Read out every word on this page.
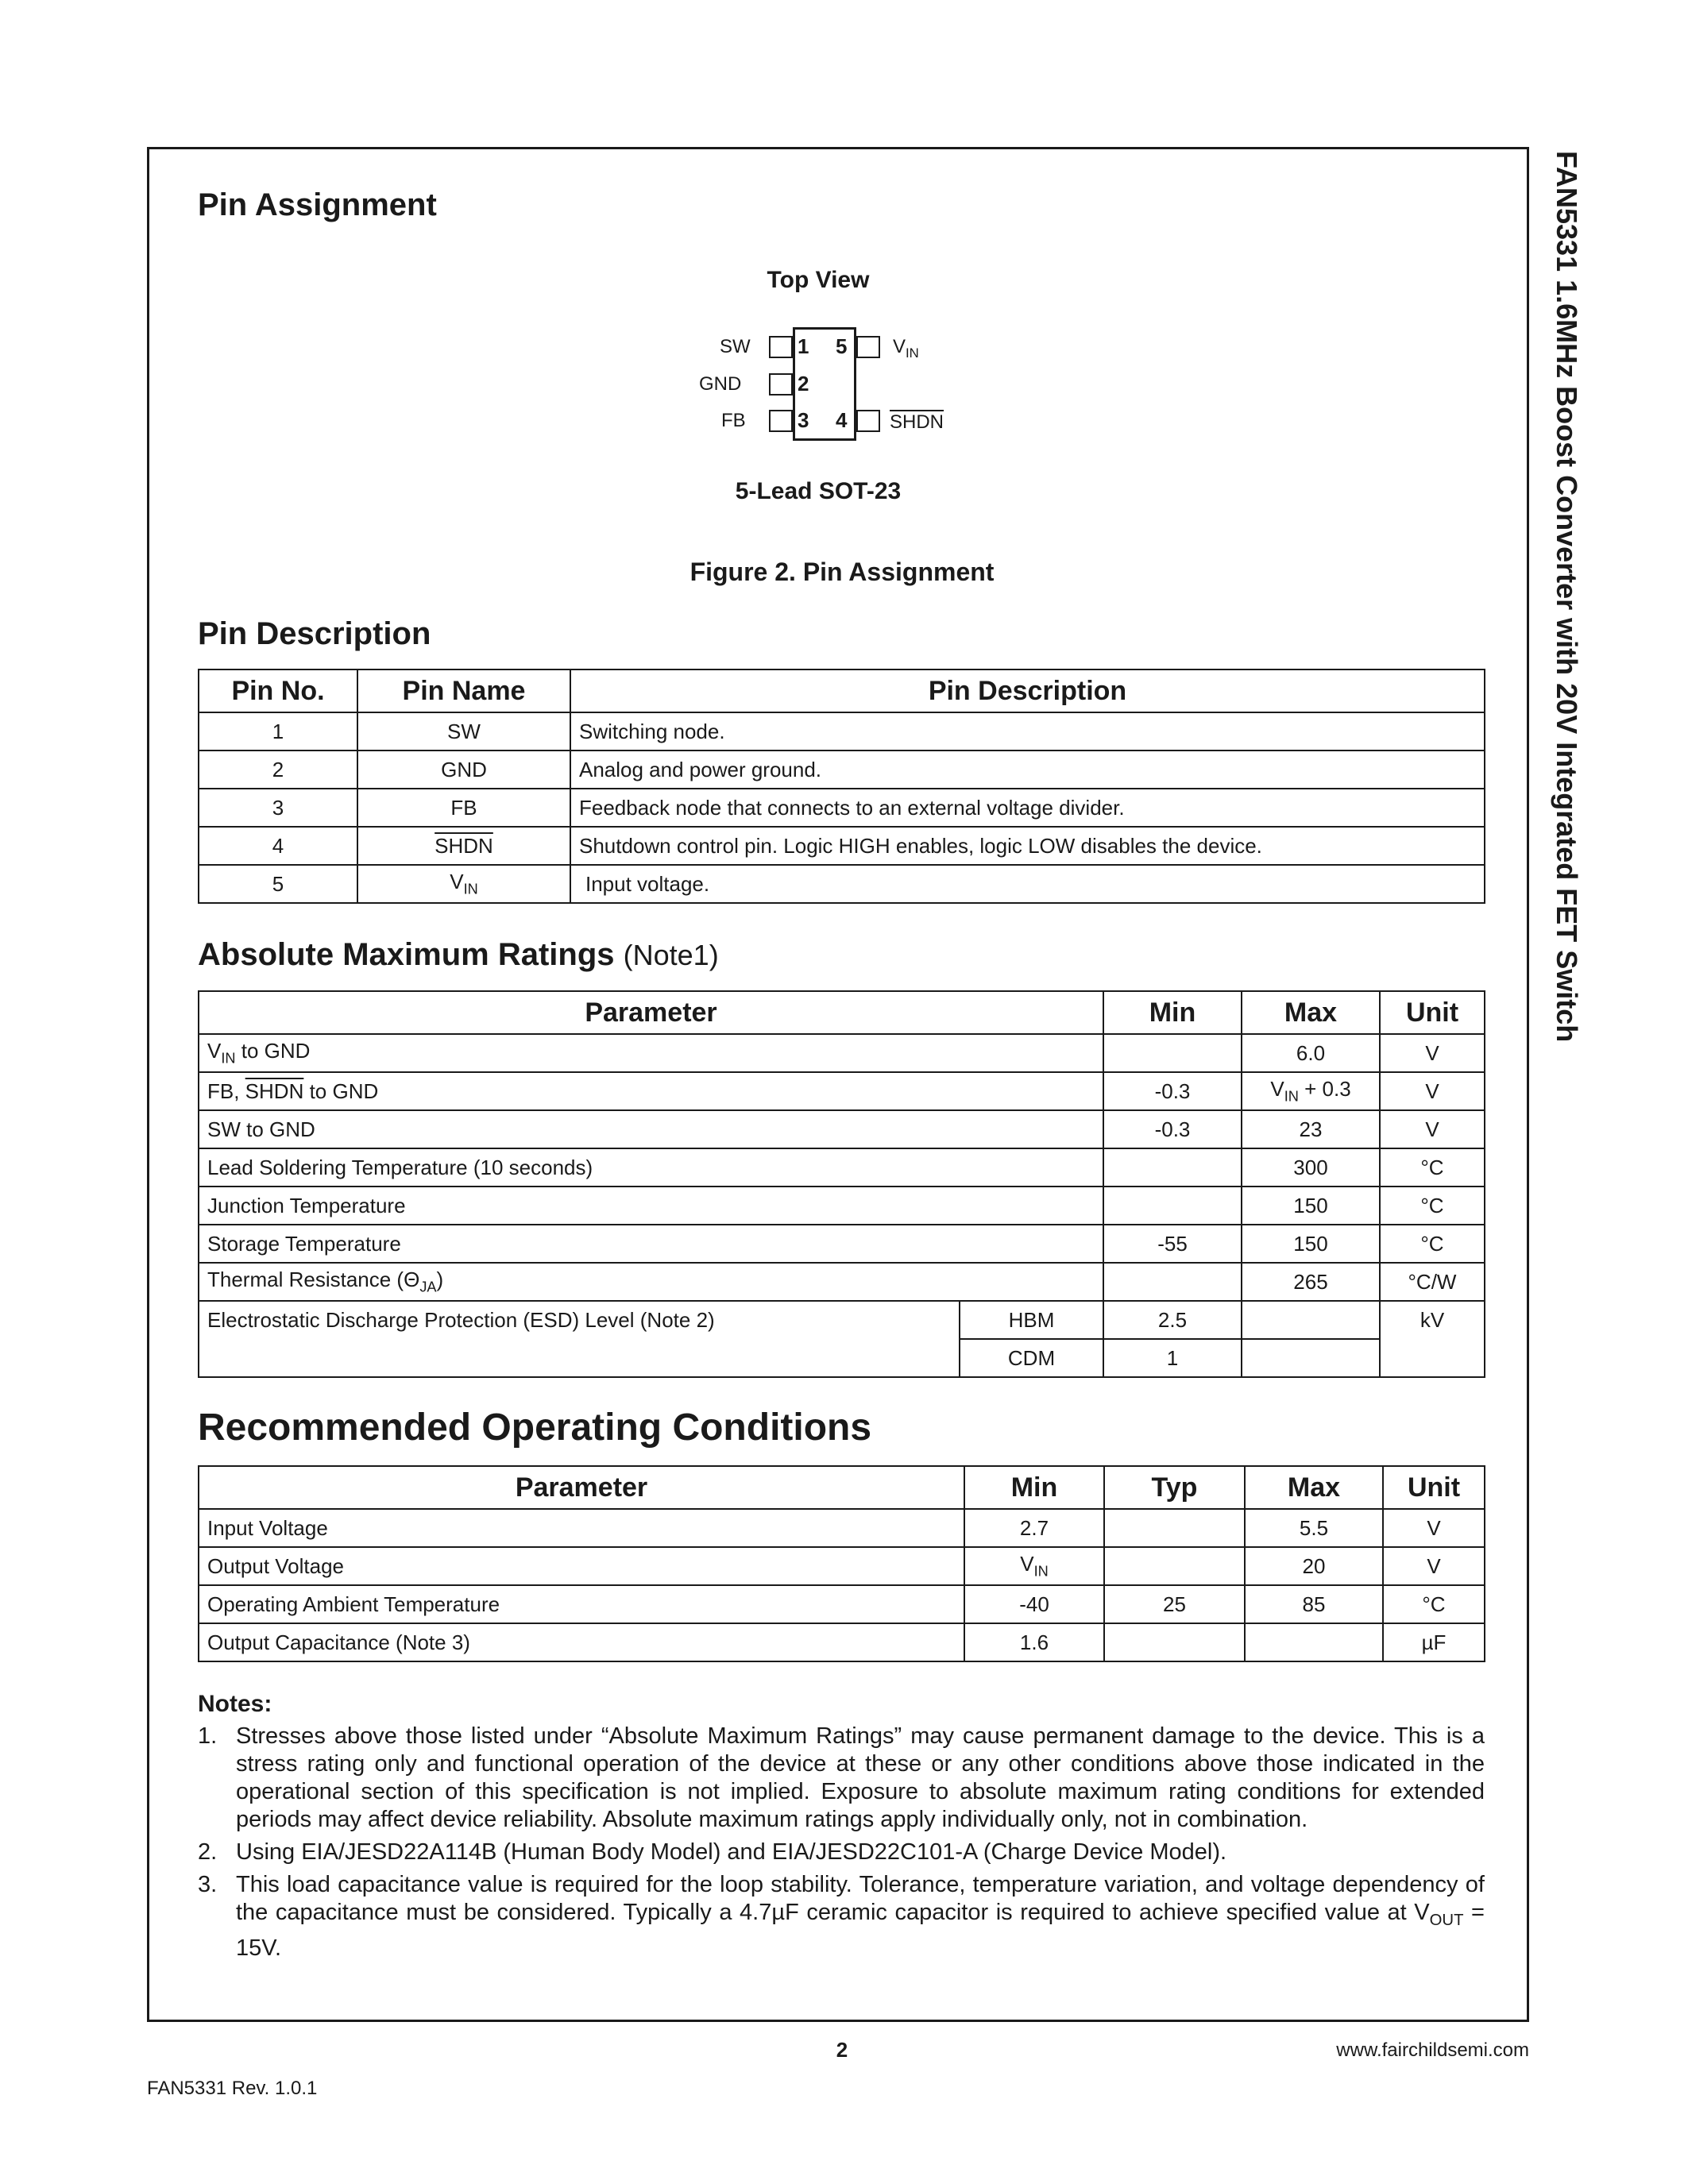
FAN5331 1.6MHz Boost Converter with 20V Integrated FET Switch
Pin Assignment
Top View
1
2
3
5
4
SW
GND
FB
$V_{IN}$
SHDN
5-Lead SOT-23
Figure 2. Pin Assignment
Pin Description
Pin No.	Pin Name	Pin Description
1	SW	Switching node.
2	GND	Analog and power ground.
3	FB	Feedback node that connects to an external voltage divider.
4	SHDN	Shutdown control pin. Logic HIGH enables, logic LOW disables the device.
5	$V_{IN}$	Input voltage.
Absolute Maximum Ratings (Note1)
Parameter		Min	Max	Unit
$V_{IN}$ to GND			6.0	V
FB, SHDN to GND		-0.3	$V_{IN} + 0.3$	V
SW to GND		-0.3	23	V
Lead Soldering Temperature (10 seconds)			300	°C
Junction Temperature			150	°C
Storage Temperature		-55	150	°C
Thermal Resistance $(\Theta_{JA})$			265	°C/W
Electrostatic Discharge Protection (ESD) Level (Note 2)	HBM	2.5		kV
	CDM	1		
Recommended Operating Conditions
Parameter	Min	Typ	Max	Unit
Input Voltage	2.7		5.5	V
Output Voltage	$V_{IN}$		20	V
Operating Ambient Temperature	-40	25	85	°C
Output Capacitance (Note 3)	1.6			µF
Notes:
1. Stresses above those listed under “Absolute Maximum Ratings” may cause permanent damage to the device. This is a stress rating only and functional operation of the device at these or any other conditions above those indicated in the operational section of this specification is not implied. Exposure to absolute maximum rating conditions for extended periods may affect device reliability. Absolute maximum ratings apply individually only, not in combination.
2. Using EIA/JESD22A114B (Human Body Model) and EIA/JESD22C101-A (Charge Device Model).
3. This load capacitance value is required for the loop stability. Tolerance, temperature variation, and voltage dependency of the capacitance must be considered. Typically a 4.7µF ceramic capacitor is required to achieve specified value at $V_{OUT} = 15V$.
2	www.fairchildsemi.com
FAN5331 Rev. 1.0.1
